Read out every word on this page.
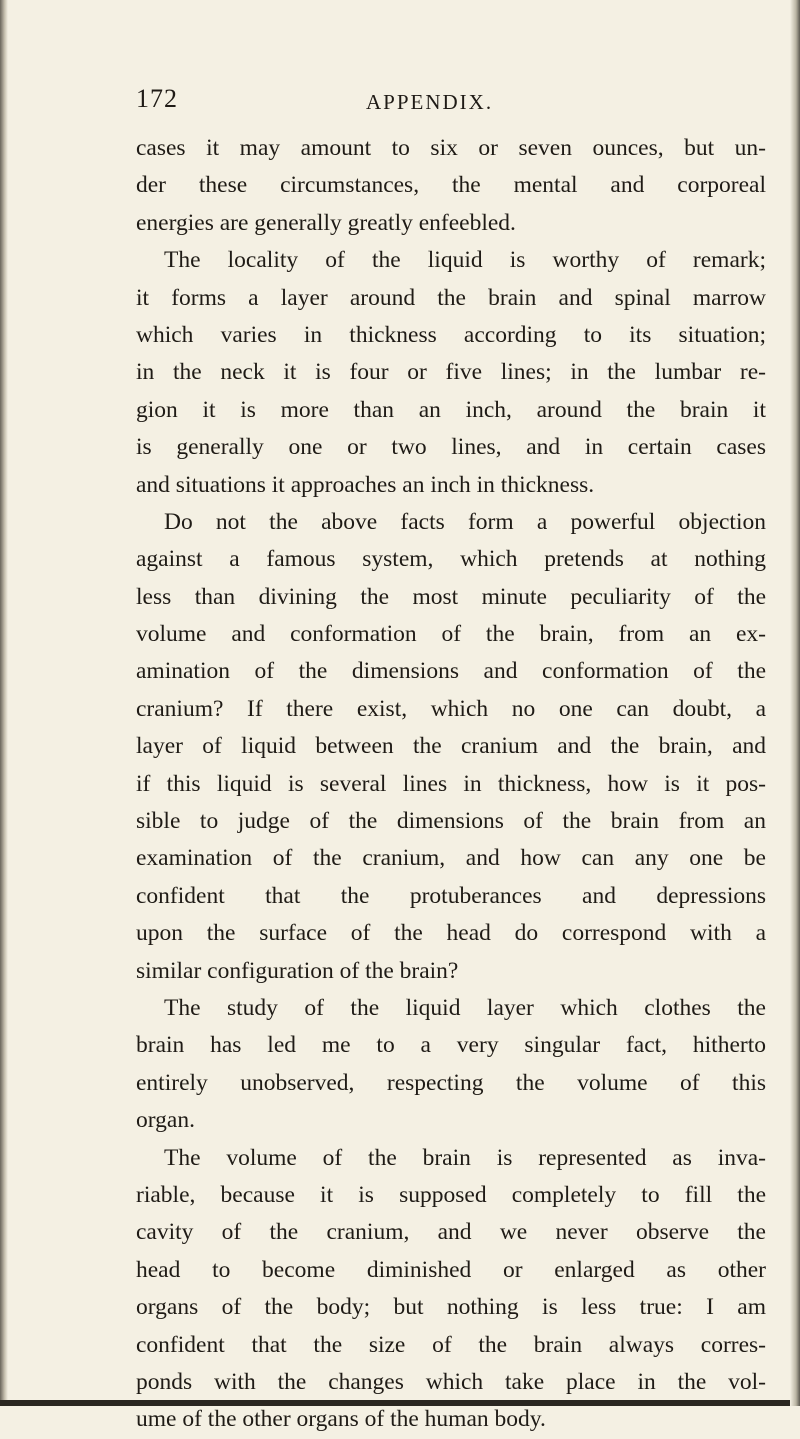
172	APPENDIX.
cases it may amount to six or seven ounces, but un-
der these circumstances, the mental and corporeal
energies are generally greatly enfeebled.
The locality of the liquid is worthy of remark;
it forms a layer around the brain and spinal marrow
which varies in thickness according to its situation;
in the neck it is four or five lines; in the lumbar re-
gion it is more than an inch, around the brain it
is generally one or two lines, and in certain cases
and situations it approaches an inch in thickness.
Do not the above facts form a powerful objection
against a famous system, which pretends at nothing
less than divining the most minute peculiarity of the
volume and conformation of the brain, from an ex-
amination of the dimensions and conformation of the
cranium? If there exist, which no one can doubt, a
layer of liquid between the cranium and the brain, and
if this liquid is several lines in thickness, how is it pos-
sible to judge of the dimensions of the brain from an
examination of the cranium, and how can any one be
confident that the protuberances and depressions
upon the surface of the head do correspond with a
similar configuration of the brain?
The study of the liquid layer which clothes the
brain has led me to a very singular fact, hitherto
entirely unobserved, respecting the volume of this
organ.
The volume of the brain is represented as inva-
riable, because it is supposed completely to fill the
cavity of the cranium, and we never observe the
head to become diminished or enlarged as other
organs of the body; but nothing is less true: I am
confident that the size of the brain always corres-
ponds with the changes which take place in the vol-
ume of the other organs of the human body.
